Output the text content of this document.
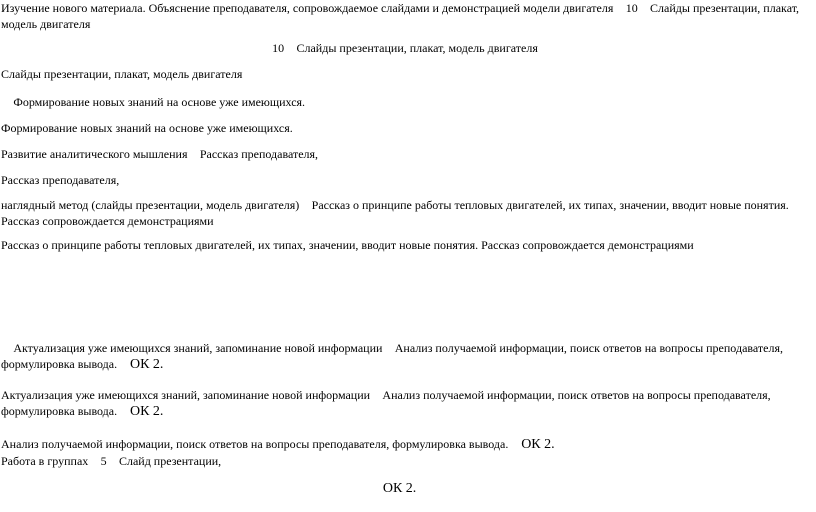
Изучение нового материала. Объяснение преподавателя, сопровождаемое слайдами и демонстрацией модели двигателя 10 Слайды презентации, плакат, модель двигателя

10 Слайды презентации, плакат, модель двигателя

Слайды презентации, плакат, модель двигателя

Формирование новых знаний на основе уже имеющихся.

Формирование новых знаний на основе уже имеющихся.

Развитие аналитического мышления Рассказ преподавателя,

Рассказ преподавателя,

наглядный метод (слайды презентации, модель двигателя) Рассказ о принципе работы тепловых двигателей, их типах, значении, вводит новые понятия. Рассказ сопровождается демонстрациями

Рассказ о принципе работы тепловых двигателей, их типах, значении, вводит новые понятия. Рассказ сопровождается демонстрациями

Актуализация уже имеющихся знаний, запоминание новой информации Анализ получаемой информации, поиск ответов на вопросы преподавателя, формулировка вывода. ОК 2.

Актуализация уже имеющихся знаний, запоминание новой информации Анализ получаемой информации, поиск ответов на вопросы преподавателя, формулировка вывода. ОК 2.

Анализ получаемой информации, поиск ответов на вопросы преподавателя, формулировка вывода. ОК 2.

Работа в группах 5 Слайд презентации,

ОК 2.
